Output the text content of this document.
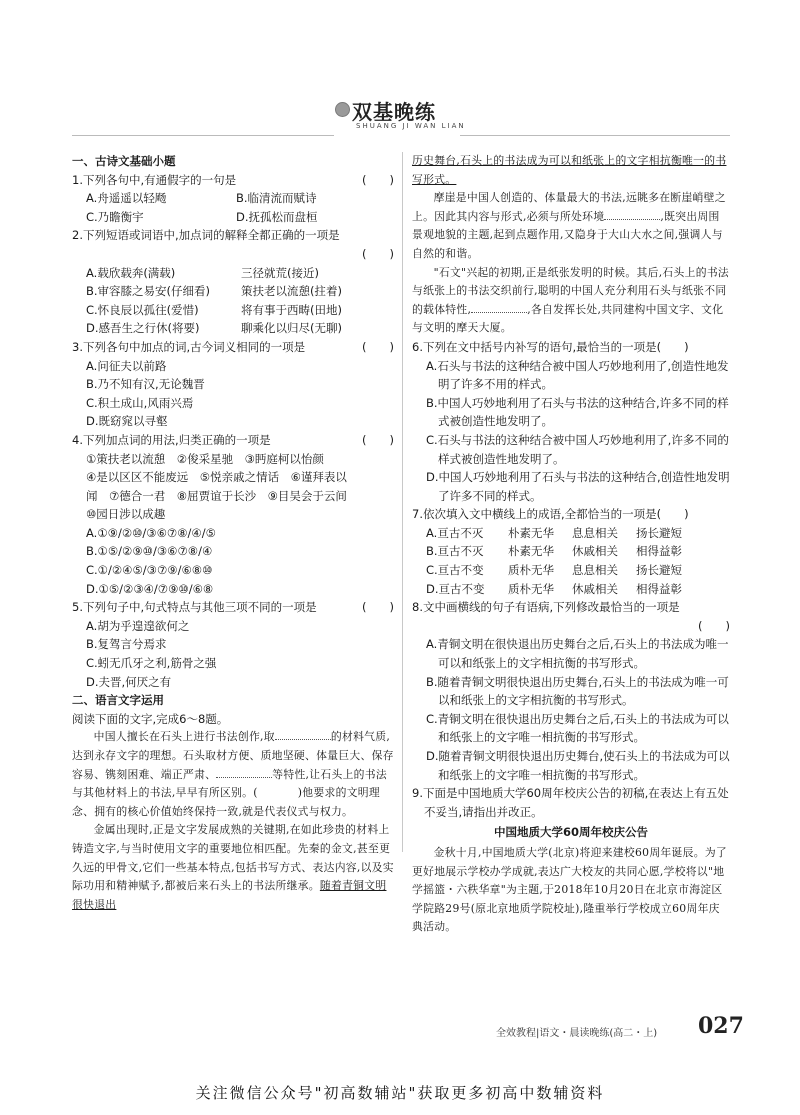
双基晚练
SHUANG JI WAN LIAN

一、古诗文基础小题

1.下列各句中,有通假字的一句是	(　　)
A.舟遥遥以轻飏	B.临清流而赋诗
C.乃瞻衡宇	D.抚孤松而盘桓
2.下列短语或词语中,加点词的解释全都正确的一项是
(　　)
A.载欣载奔(满载)	三径就荒(接近)
B.审容膝之易安(仔细看)	策扶老以流憩(拄着)
C.怀良辰以孤往(爱惜)	将有事于西畴(田地)
D.感吾生之行休(将要)	聊乘化以归尽(无聊)
3.下列各句中加点的词,古今词义相同的一项是	(　　)
A.问征夫以前路
B.乃不知有汉,无论魏晋
C.积土成山,风雨兴焉
D.既窈窕以寻壑
4.下列加点词的用法,归类正确的一项是	(　　)
①策扶老以流憩　②俊采星驰　③眄庭柯以怡颜
④是以区区不能废远　⑤悦亲戚之情话　⑥谨拜表以
闻　⑦德合一君　⑧屈贾谊于长沙　⑨目吴会于云间
⑩园日涉以成趣
A.①⑨/②⑩/③⑥⑦⑧/④/⑤
B.①⑤/②⑨⑩/③⑥⑦⑧/④
C.①/②④⑤/③⑦⑨/⑥⑧⑩
D.①⑤/②③④/⑦⑨⑩/⑥⑧
5.下列句子中,句式特点与其他三项不同的一项是	(　　)
A.胡为乎遑遑欲何之
B.复驾言兮焉求
C.蚓无爪牙之利,筋骨之强
D.夫晋,何厌之有

二、语言文字运用

阅读下面的文字,完成6～8题。

中国人擅长在石头上进行书法创作,取	的材料气质,达到永存文字的理想。石头取材方便、质地坚硬、体量巨大、保存容易、镌刻困难、端正严肃、	等特性,让石头上的书法与其他材料上的书法,早早有所区别。(	)他要求的文明理念、拥有的核心价值始终保持一致,就是代表仪式与权力。

金属出现时,正是文字发展成熟的关键期,在如此珍贵的材料上铸造文字,与当时使用文字的重要地位相匹配。先秦的金文,甚至更久远的甲骨文,它们一些基本特点,包括书写方式、表达内容,以及实际功用和精神赋予,都被后来石头上的书法所继承。随着青铜文明很快退出

历史舞台,石头上的书法成为可以和纸张上的文字相抗衡唯一的书写形式。

摩崖是中国人创造的、体量最大的书法,远眺多在断崖峭壁之上。因此其内容与形式,必须与所处环境	,既突出周围景观地貌的主题,起到点题作用,又隐身于大山大水之间,强调人与自然的和谐。

"石文"兴起的初期,正是纸张发明的时候。其后,石头上的书法与纸张上的书法交织前行,聪明的中国人充分利用石头与纸张不同的载体特性,	,各自发挥长处,共同建构中国文字、文化与文明的摩天大厦。

6.下列在文中括号内补写的语句,最恰当的一项是(　　)
A.石头与书法的这种结合被中国人巧妙地利用了,创造性地发明了许多不用的样式。
B.中国人巧妙地利用了石头与书法的这种结合,许多不同的样式被创造性地发明了。
C.石头与书法的这种结合被中国人巧妙地利用了,许多不同的样式被创造性地发明了。
D.中国人巧妙地利用了石头与书法的这种结合,创造性地发明了许多不同的样式。
7.依次填入文中横线上的成语,全都恰当的一项是(　　)
A.亘古不灭	朴素无华	息息相关	扬长避短
B.亘古不灭	朴素无华	休戚相关	相得益彰
C.亘古不变	质朴无华	息息相关	扬长避短
D.亘古不变	质朴无华	休戚相关	相得益彰
8.文中画横线的句子有语病,下列修改最恰当的一项是
(　　)
A.青铜文明在很快退出历史舞台之后,石头上的书法成为唯一可以和纸张上的文字相抗衡的书写形式。
B.随着青铜文明很快退出历史舞台,石头上的书法成为唯一可以和纸张上的文字相抗衡的书写形式。
C.青铜文明在很快退出历史舞台之后,石头上的书法成为可以和纸张上的文字唯一相抗衡的书写形式。
D.随着青铜文明很快退出历史舞台,使石头上的书法成为可以和纸张上的文字唯一相抗衡的书写形式。
9.下面是中国地质大学60周年校庆公告的初稿,在表达上有五处不妥当,请指出并改正。
中国地质大学60周年校庆公告

金秋十月,中国地质大学(北京)将迎来建校60周年诞辰。为了更好地展示学校办学成就,表达广大校友的共同心愿,学校将以"地学摇篮・六秩华章"为主题,于2018年10月20日在北京市海淀区学院路29号(原北京地质学院校址),隆重举行学校成立60周年庆典活动。

全效教程|语文・晨读晚练(高二・上) 027
关注微信公众号"初高数辅站"获取更多初高中数辅资料
